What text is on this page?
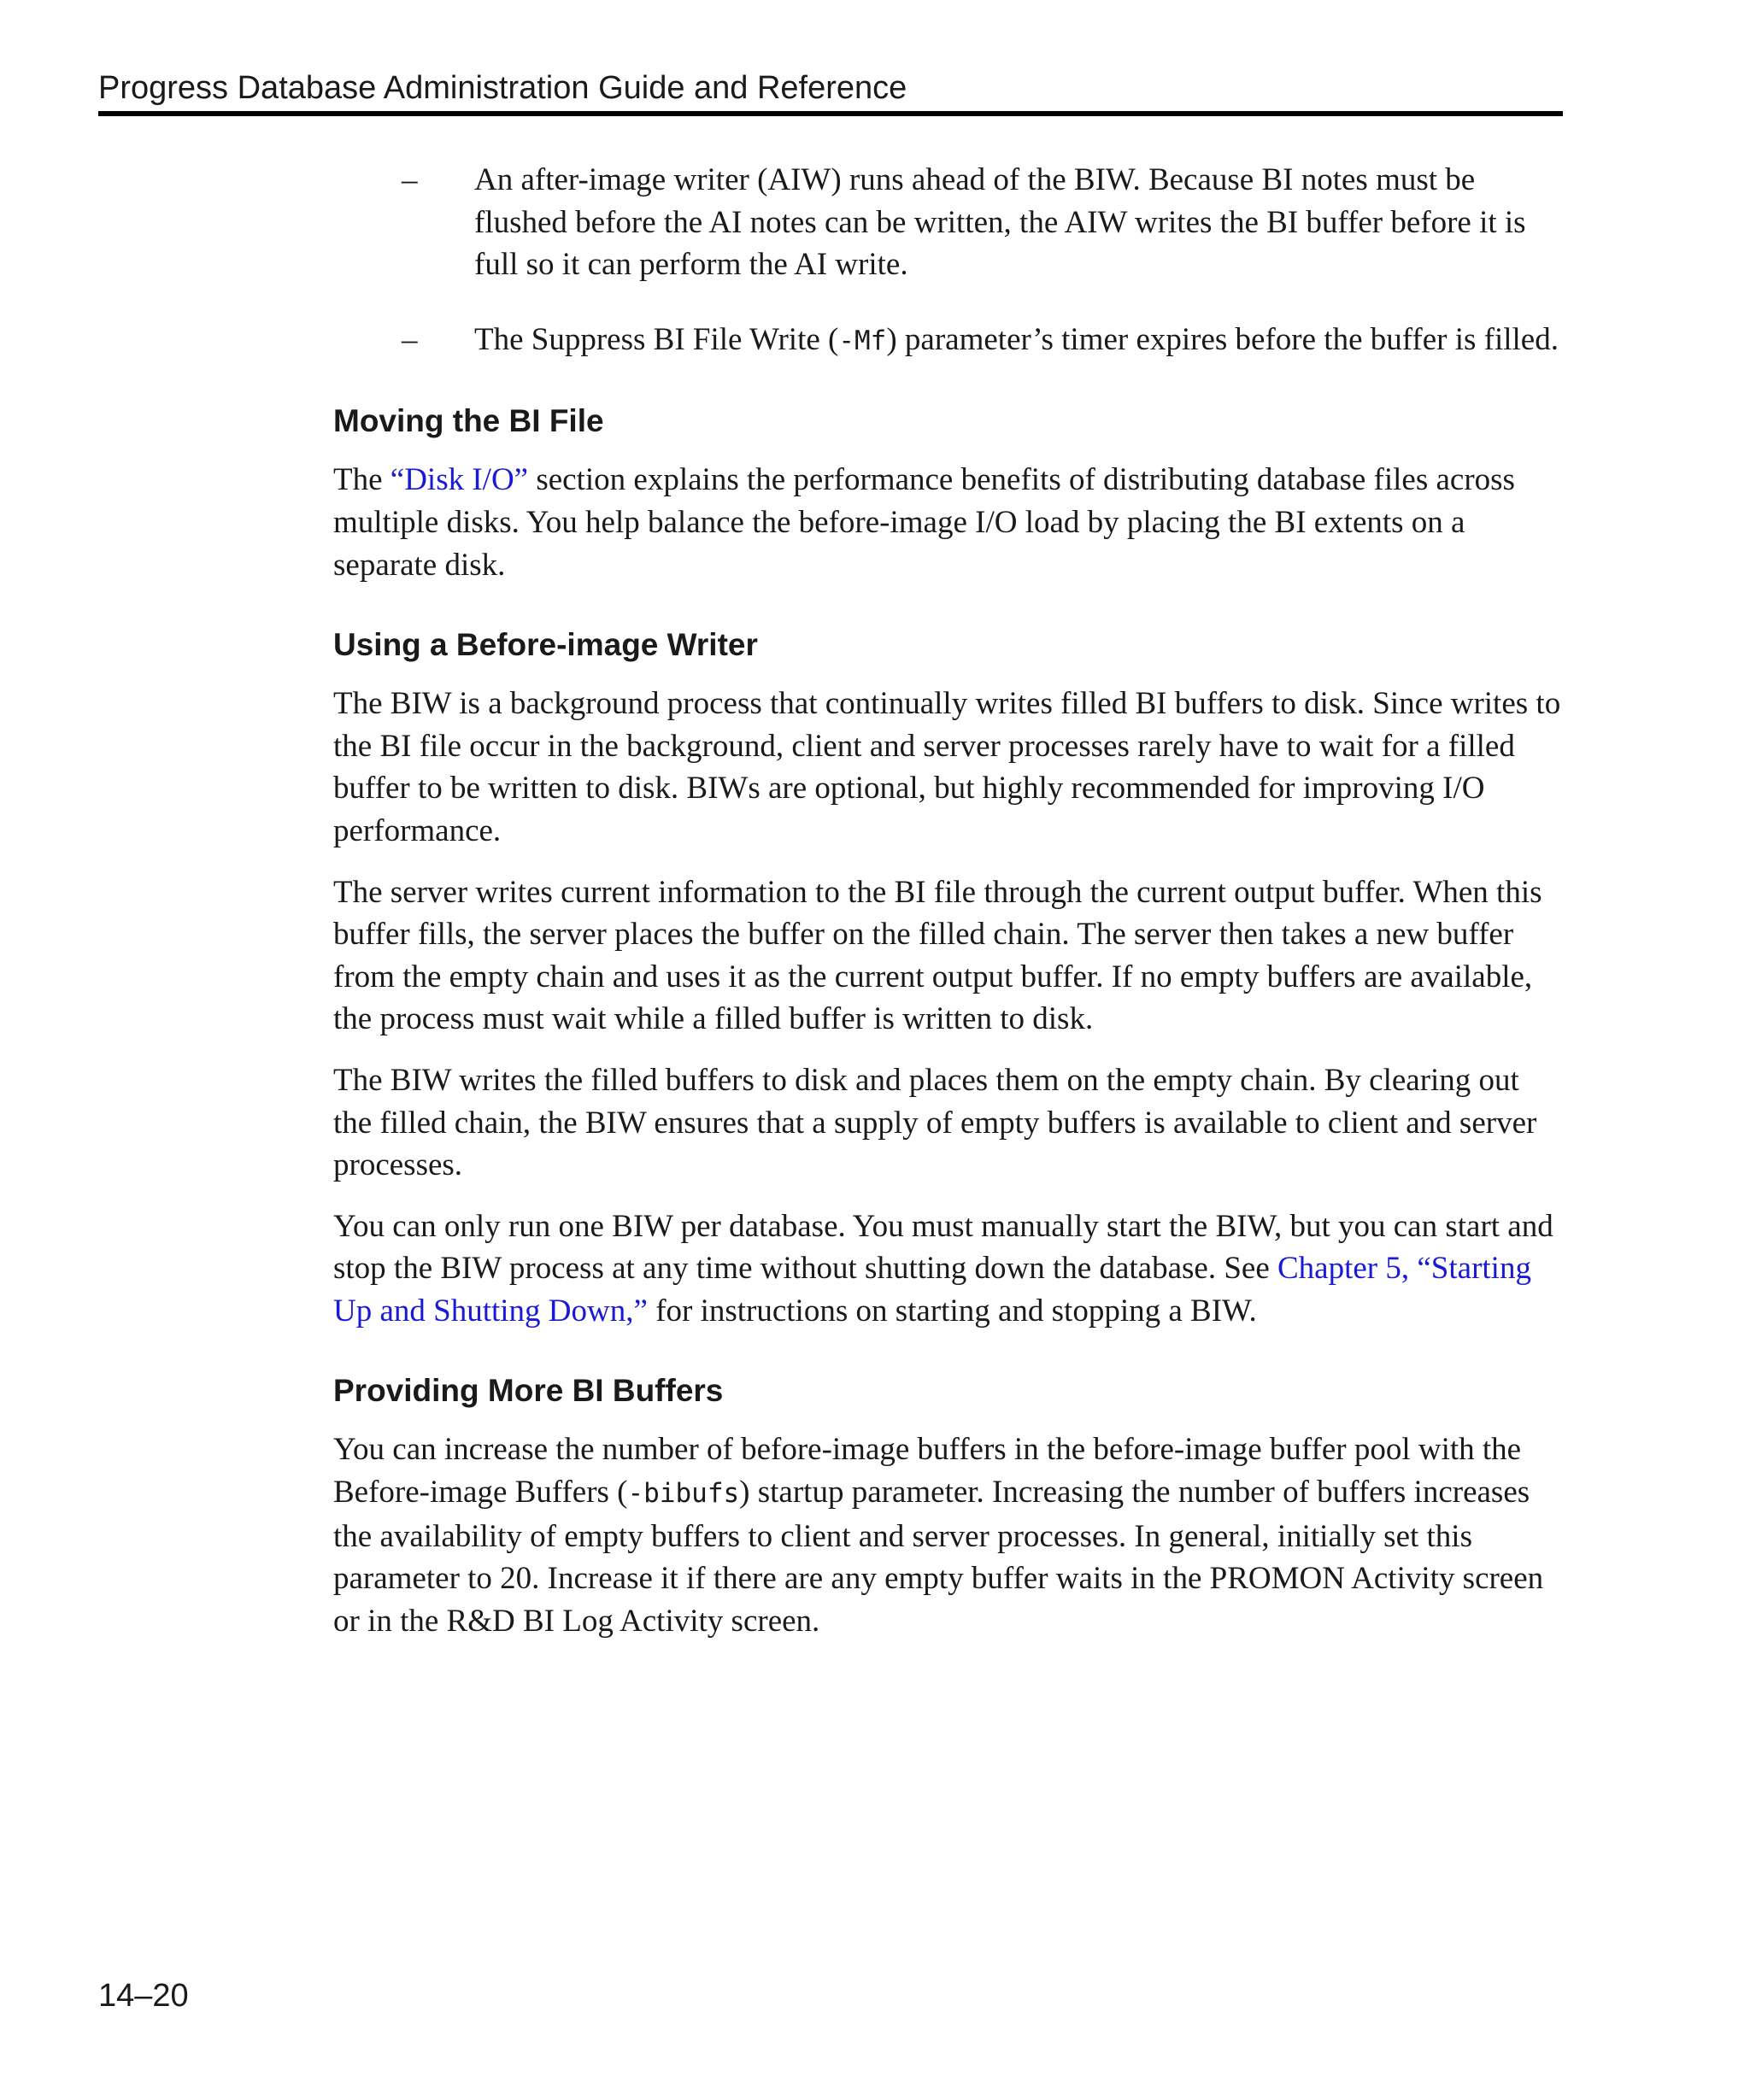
Progress Database Administration Guide and Reference
–	An after-image writer (AIW) runs ahead of the BIW. Because BI notes must be flushed before the AI notes can be written, the AIW writes the BI buffer before it is full so it can perform the AI write.
–	The Suppress BI File Write (-Mf) parameter’s timer expires before the buffer is filled.
Moving the BI File

The “Disk I/O” section explains the performance benefits of distributing database files across multiple disks. You help balance the before-image I/O load by placing the BI extents on a separate disk.

Using a Before-image Writer

The BIW is a background process that continually writes filled BI buffers to disk. Since writes to the BI file occur in the background, client and server processes rarely have to wait for a filled buffer to be written to disk. BIWs are optional, but highly recommended for improving I/O performance.

The server writes current information to the BI file through the current output buffer. When this buffer fills, the server places the buffer on the filled chain. The server then takes a new buffer from the empty chain and uses it as the current output buffer. If no empty buffers are available, the process must wait while a filled buffer is written to disk.

The BIW writes the filled buffers to disk and places them on the empty chain. By clearing out the filled chain, the BIW ensures that a supply of empty buffers is available to client and server processes.

You can only run one BIW per database. You must manually start the BIW, but you can start and stop the BIW process at any time without shutting down the database. See Chapter 5, “Starting Up and Shutting Down,” for instructions on starting and stopping a BIW.

Providing More BI Buffers

You can increase the number of before-image buffers in the before-image buffer pool with the Before-image Buffers (-bibufs) startup parameter. Increasing the number of buffers increases the availability of empty buffers to client and server processes. In general, initially set this parameter to 20. Increase it if there are any empty buffer waits in the PROMON Activity screen or in the R&D BI Log Activity screen.

14–20
